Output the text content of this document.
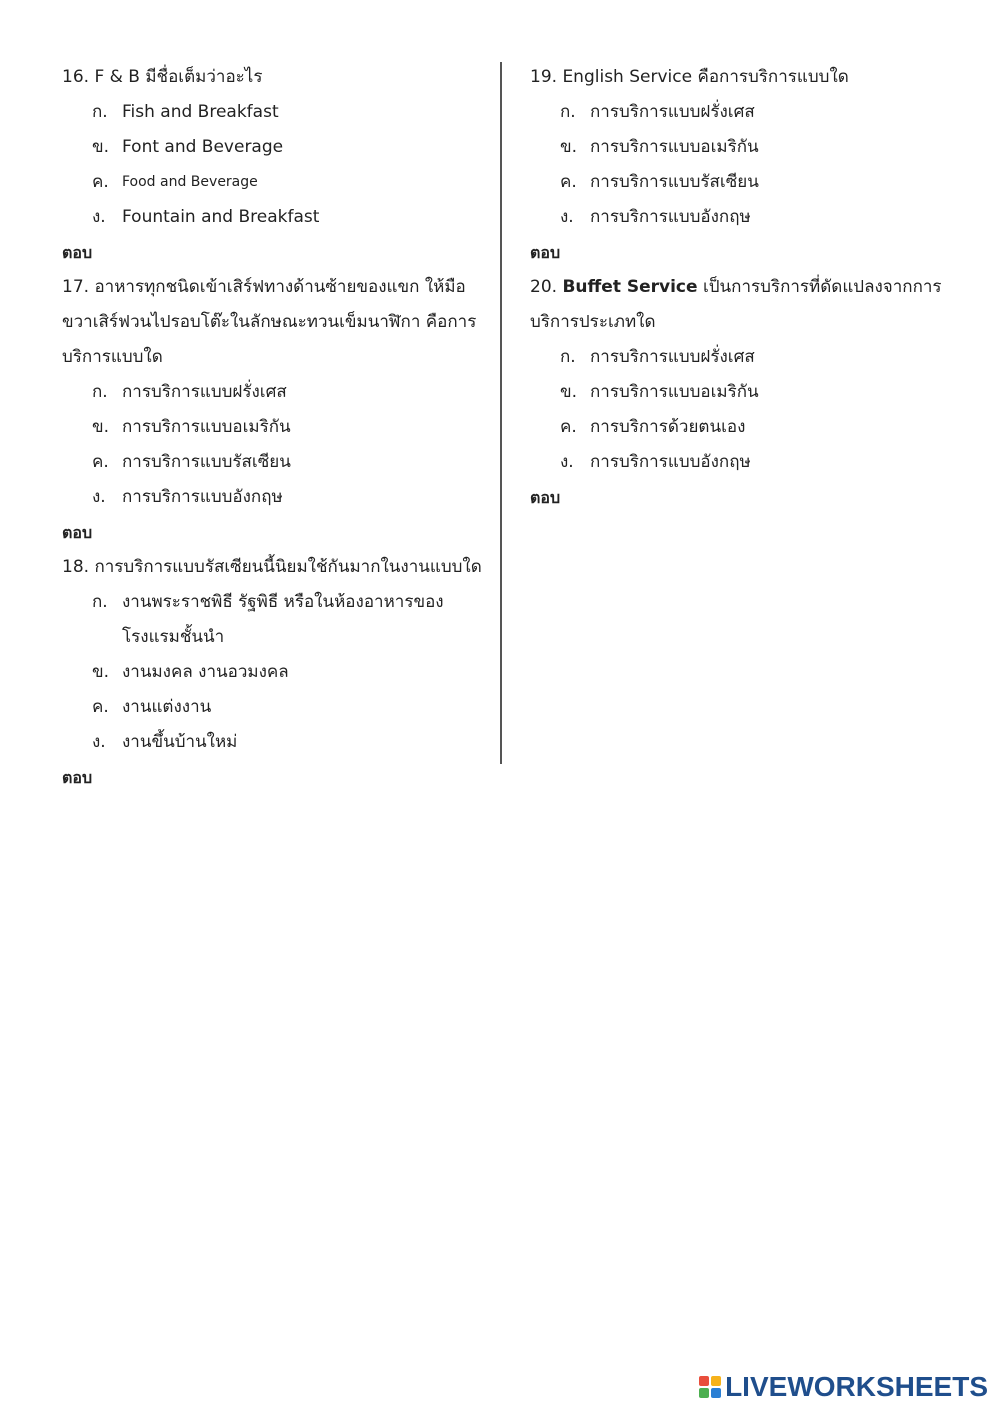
16. F & B มีชื่อเต็มว่าอะไร
ก. Fish and Breakfast
ข. Font and Beverage
ค. Food and Beverage
ง. Fountain and Breakfast
ตอบ
17. อาหารทุกชนิดเข้าเสิร์ฟทางด้านซ้ายของแขก ให้มือ
ขวาเสิร์ฟวนไปรอบโต๊ะในลักษณะทวนเข็มนาฬิกา คือการ
บริการแบบใด
ก. การบริการแบบฝรั่งเศส
ข. การบริการแบบอเมริกัน
ค. การบริการแบบรัสเซียน
ง. การบริการแบบอังกฤษ
ตอบ
18. การบริการแบบรัสเซียนนี้นิยมใช้กันมากในงานแบบใด
ก. งานพระราชพิธี รัฐพิธี หรือในห้องอาหารของ
โรงแรมชั้นนำ
ข. งานมงคล งานอวมงคล
ค. งานแต่งงาน
ง. งานขึ้นบ้านใหม่
ตอบ
19. English Service คือการบริการแบบใด
ก. การบริการแบบฝรั่งเศส
ข. การบริการแบบอเมริกัน
ค. การบริการแบบรัสเซียน
ง. การบริการแบบอังกฤษ
ตอบ
20. Buffet Service เป็นการบริการที่ดัดแปลงจากการ
บริการประเภทใด
ก. การบริการแบบฝรั่งเศส
ข. การบริการแบบอเมริกัน
ค. การบริการด้วยตนเอง
ง. การบริการแบบอังกฤษ
ตอบ
LIVEWORKSHEETS
